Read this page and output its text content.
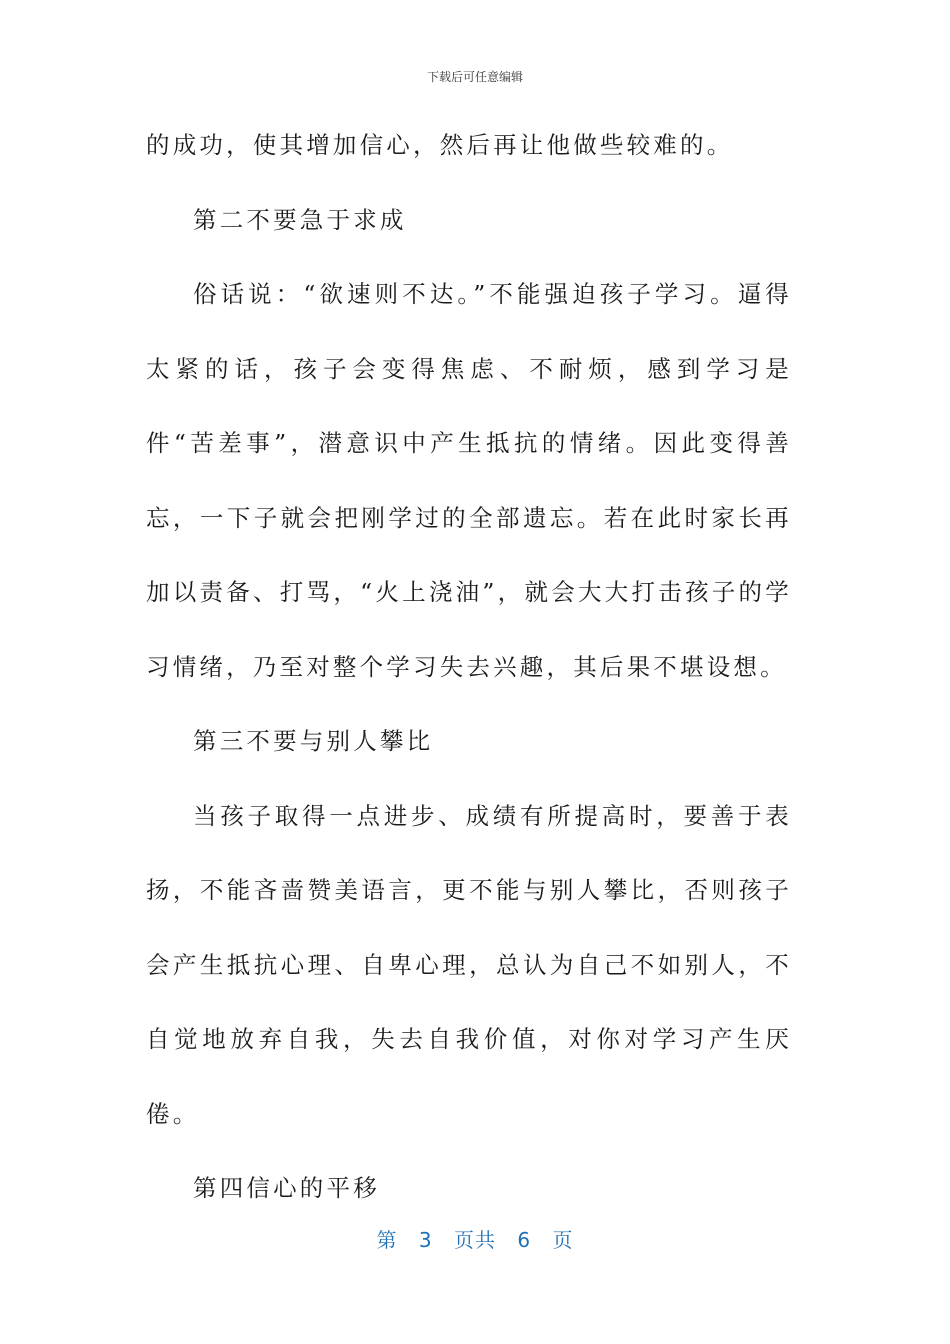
下载后可任意编辑

的成功，使其增加信心，然后再让他做些较难的。

第二不要急于求成

俗话说：“欲速则不达。”不能强迫孩子学习。逼得太紧的话，孩子会变得焦虑、不耐烦，感到学习是件“苦差事”，潜意识中产生抵抗的情绪。因此变得善忘，一下子就会把刚学过的全部遗忘。若在此时家长再加以责备、打骂，“火上浇油”，就会大大打击孩子的学习情绪，乃至对整个学习失去兴趣，其后果不堪设想。

第三不要与别人攀比

当孩子取得一点进步、成绩有所提高时，要善于表扬，不能吝啬赞美语言，更不能与别人攀比，否则孩子会产生抵抗心理、自卑心理，总认为自己不如别人，不自觉地放弃自我，失去自我价值，对你对学习产生厌倦。

第四信心的平移

第 3 页共 6 页
